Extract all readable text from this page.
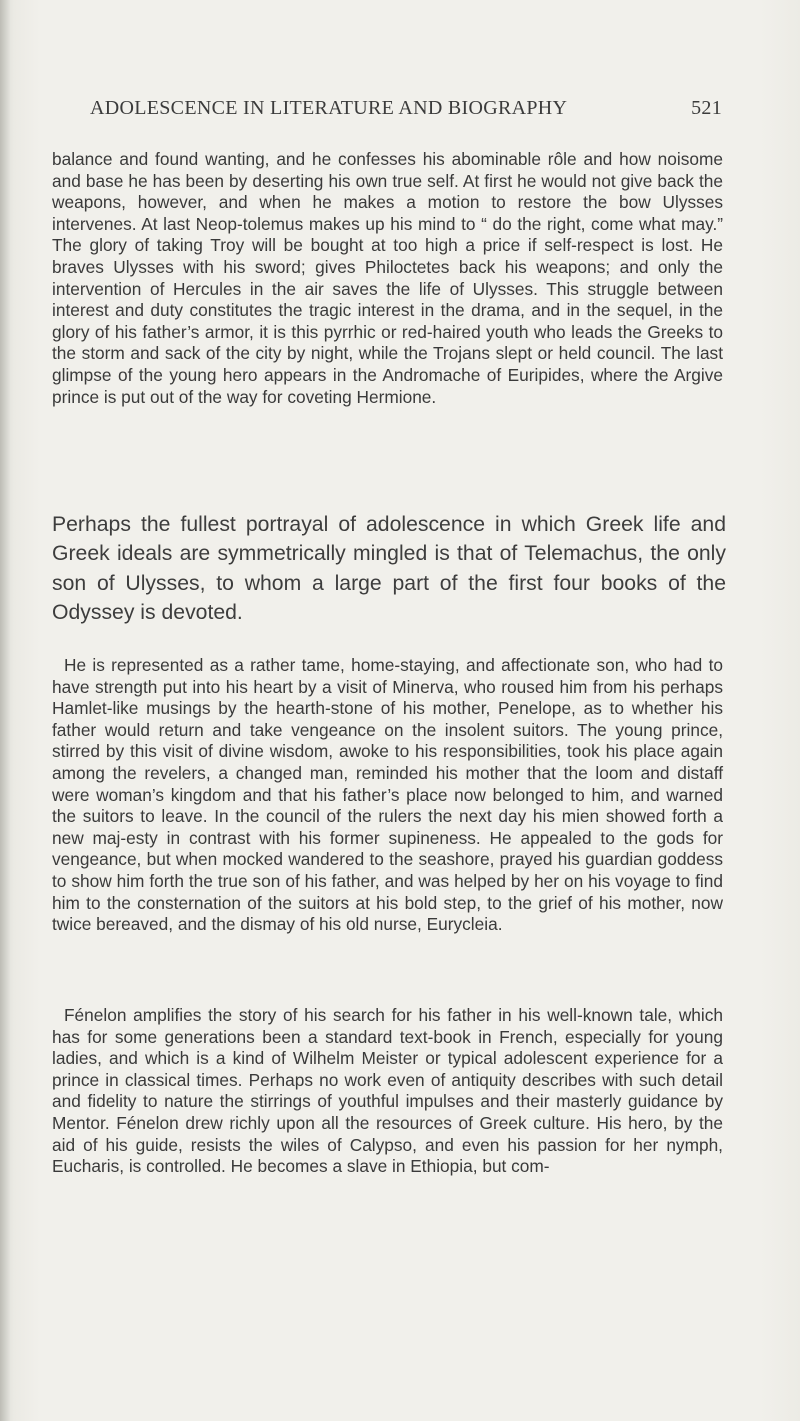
ADOLESCENCE IN LITERATURE AND BIOGRAPHY	521

balance and found wanting, and he confesses his abominable rôle and how noisome and base he has been by deserting his own true self. At first he would not give back the weapons, however, and when he makes a motion to restore the bow Ulysses intervenes. At last Neop-tolemus makes up his mind to “ do the right, come what may.” The glory of taking Troy will be bought at too high a price if self-respect is lost. He braves Ulysses with his sword; gives Philoctetes back his weapons; and only the intervention of Hercules in the air saves the life of Ulysses. This struggle between interest and duty constitutes the tragic interest in the drama, and in the sequel, in the glory of his father’s armor, it is this pyrrhic or red-haired youth who leads the Greeks to the storm and sack of the city by night, while the Trojans slept or held council. The last glimpse of the young hero appears in the Andromache of Euripides, where the Argive prince is put out of the way for coveting Hermione.

Perhaps the fullest portrayal of adolescence in which Greek life and Greek ideals are symmetrically mingled is that of Telemachus, the only son of Ulysses, to whom a large part of the first four books of the Odyssey is devoted.

He is represented as a rather tame, home-staying, and affectionate son, who had to have strength put into his heart by a visit of Minerva, who roused him from his perhaps Hamlet-like musings by the hearth-stone of his mother, Penelope, as to whether his father would return and take vengeance on the insolent suitors. The young prince, stirred by this visit of divine wisdom, awoke to his responsibilities, took his place again among the revelers, a changed man, reminded his mother that the loom and distaff were woman’s kingdom and that his father’s place now belonged to him, and warned the suitors to leave. In the council of the rulers the next day his mien showed forth a new maj-esty in contrast with his former supineness. He appealed to the gods for vengeance, but when mocked wandered to the seashore, prayed his guardian goddess to show him forth the true son of his father, and was helped by her on his voyage to find him to the consternation of the suitors at his bold step, to the grief of his mother, now twice bereaved, and the dismay of his old nurse, Eurycleia.

Fénelon amplifies the story of his search for his father in his well-known tale, which has for some generations been a standard text-book in French, especially for young ladies, and which is a kind of Wilhelm Meister or typical adolescent experience for a prince in classical times. Perhaps no work even of antiquity describes with such detail and fidelity to nature the stirrings of youthful impulses and their masterly guidance by Mentor. Fénelon drew richly upon all the resources of Greek culture. His hero, by the aid of his guide, resists the wiles of Calypso, and even his passion for her nymph, Eucharis, is controlled. He becomes a slave in Ethiopia, but com-
